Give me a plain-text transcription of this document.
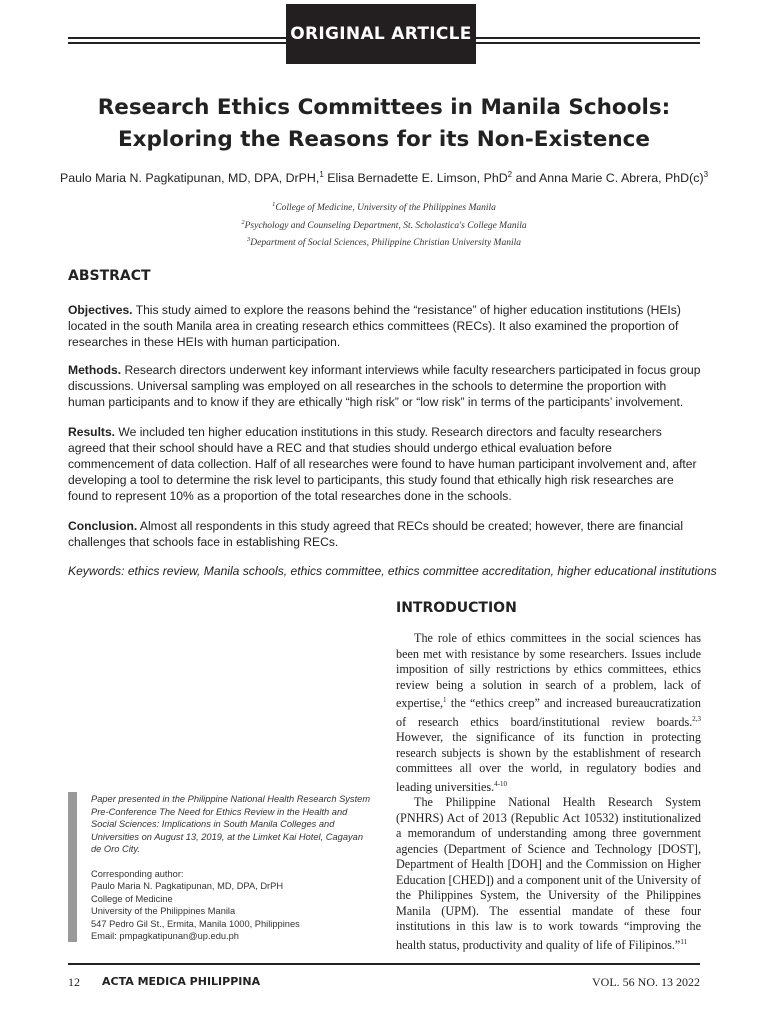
ORIGINAL ARTICLE
Research Ethics Committees in Manila Schools:
Exploring the Reasons for its Non-Existence
Paulo Maria N. Pagkatipunan, MD, DPA, DrPH,$^1$ Elisa Bernadette E. Limson, PhD$^2$ and Anna Marie C. Abrera, $PhD(c)^3$
$^1$College of Medicine, University of the Philippines Manila
$^2$Psychology and Counseling Department, St. Scholastica's College Manila
$^3$Department of Social Sciences, Philippine Christian University Manila
ABSTRACT
Objectives. This study aimed to explore the reasons behind the “resistance” of higher education institutions (HEIs) located in the south Manila area in creating research ethics committees (RECs). It also examined the proportion of researches in these HEIs with human participation.
Methods. Research directors underwent key informant interviews while faculty researchers participated in focus group discussions. Universal sampling was employed on all researches in the schools to determine the proportion with human participants and to know if they are ethically “high risk” or “low risk” in terms of the participants’ involvement.
Results. We included ten higher education institutions in this study. Research directors and faculty researchers agreed that their school should have a REC and that studies should undergo ethical evaluation before commencement of data collection. Half of all researches were found to have human participant involvement and, after developing a tool to determine the risk level to participants, this study found that ethically high risk researches are found to represent 10% as a proportion of the total researches done in the schools.
Conclusion. Almost all respondents in this study agreed that RECs should be created; however, there are financial challenges that schools face in establishing RECs.
Keywords: ethics review, Manila schools, ethics committee, ethics committee accreditation, higher educational institutions
Paper presented in the Philippine National Health Research System Pre-Conference The Need for Ethics Review in the Health and Social Sciences: Implications in South Manila Colleges and Universities on August 13, 2019, at the Limket Kai Hotel, Cagayan de Oro City.
Corresponding author:
Paulo Maria N. Pagkatipunan, MD, DPA, DrPH
College of Medicine
University of the Philippines Manila
547 Pedro Gil St., Ermita, Manila 1000, Philippines
Email: pmpagkatipunan@up.edu.ph
INTRODUCTION

The role of ethics committees in the social sciences has been met with resistance by some researchers. Issues include imposition of silly restrictions by ethics committees, ethics review being a solution in search of a problem, lack of expertise,$^1$ the “ethics creep” and increased bureaucratization of research ethics board/institutional review boards.$^{2,3}$ However, the significance of its function in protecting research subjects is shown by the establishment of research committees all over the world, in regulatory bodies and leading universities.$^{4-10}$

The Philippine National Health Research System (PNHRS) Act of 2013 (Republic Act 10532) institutionalized a memorandum of understanding among three government agencies (Department of Science and Technology [DOST], Department of Health [DOH] and the Commission on Higher Education [CHED]) and a component unit of the University of the Philippines System, the University of the Philippines Manila (UPM). The essential mandate of these four institutions in this law is to work towards “improving the health status, productivity and quality of life of Filipinos.”$^{11}$

12 ACTA MEDICA PHILIPPINA	VOL. 56 NO. 13 2022
